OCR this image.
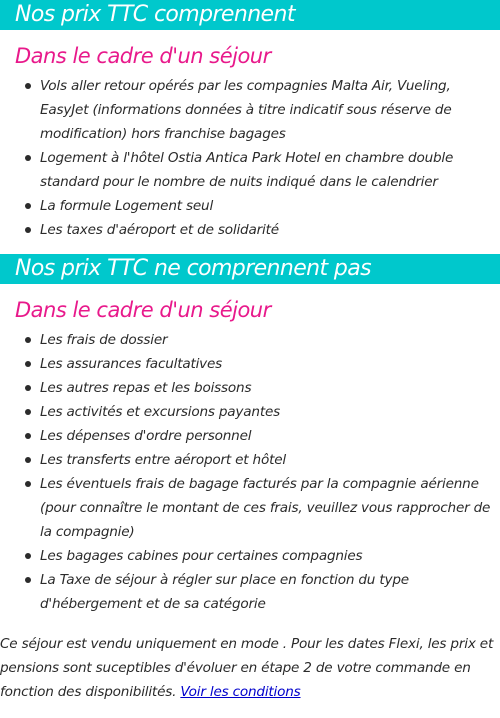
Nos prix TTC comprennent
Dans le cadre d'un séjour
Vols aller retour opérés par les compagnies Malta Air, Vueling, EasyJet (informations données à titre indicatif sous réserve de modification) hors franchise bagages
Logement à l'hôtel Ostia Antica Park Hotel en chambre double standard pour le nombre de nuits indiqué dans le calendrier
La formule Logement seul
Les taxes d'aéroport et de solidarité
Nos prix TTC ne comprennent pas
Dans le cadre d'un séjour
Les frais de dossier
Les assurances facultatives
Les autres repas et les boissons
Les activités et excursions payantes
Les dépenses d'ordre personnel
Les transferts entre aéroport et hôtel
Les éventuels frais de bagage facturés par la compagnie aérienne (pour connaître le montant de ces frais, veuillez vous rapprocher de la compagnie)
Les bagages cabines pour certaines compagnies
La Taxe de séjour à régler sur place en fonction du type d'hébergement et de sa catégorie
Ce séjour est vendu uniquement en mode . Pour les dates Flexi, les prix et pensions sont suceptibles d'évoluer en étape 2 de votre commande en fonction des disponibilités. Voir les conditions
